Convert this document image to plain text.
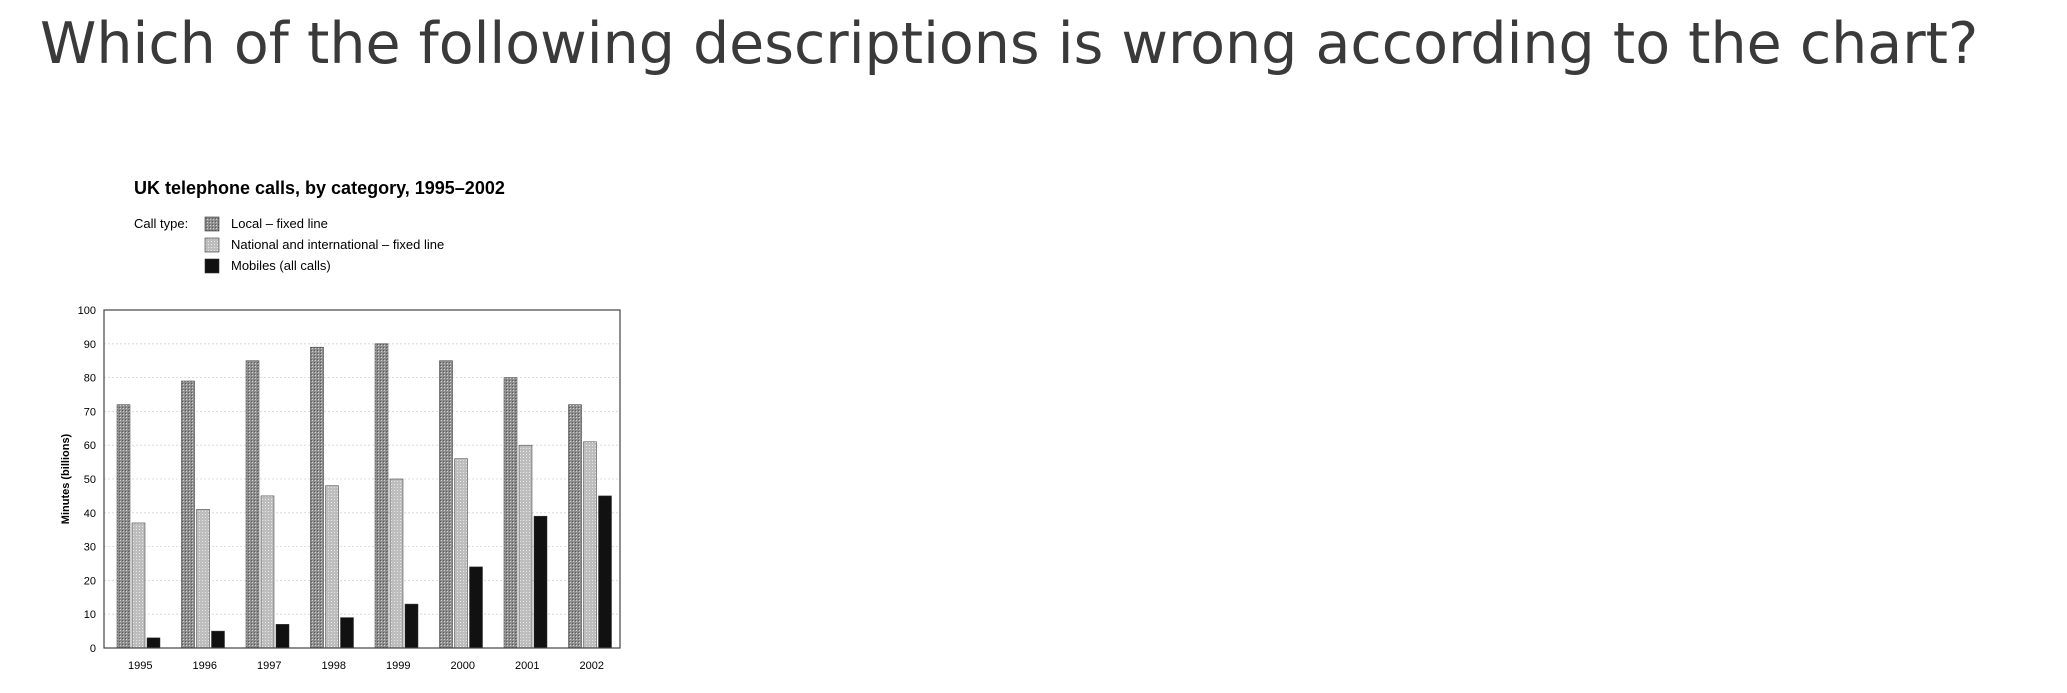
Which of the following descriptions is wrong according to the chart?
UK telephone calls, by category, 1995–2002
Call type:	Local – fixed line
National and international – fixed line
Mobiles (all calls)
0
10
20
30
40
50
60
70
80
90
100
1995	1996	1997	1998	1999	2000	2001	2002
Minutes (billions)
